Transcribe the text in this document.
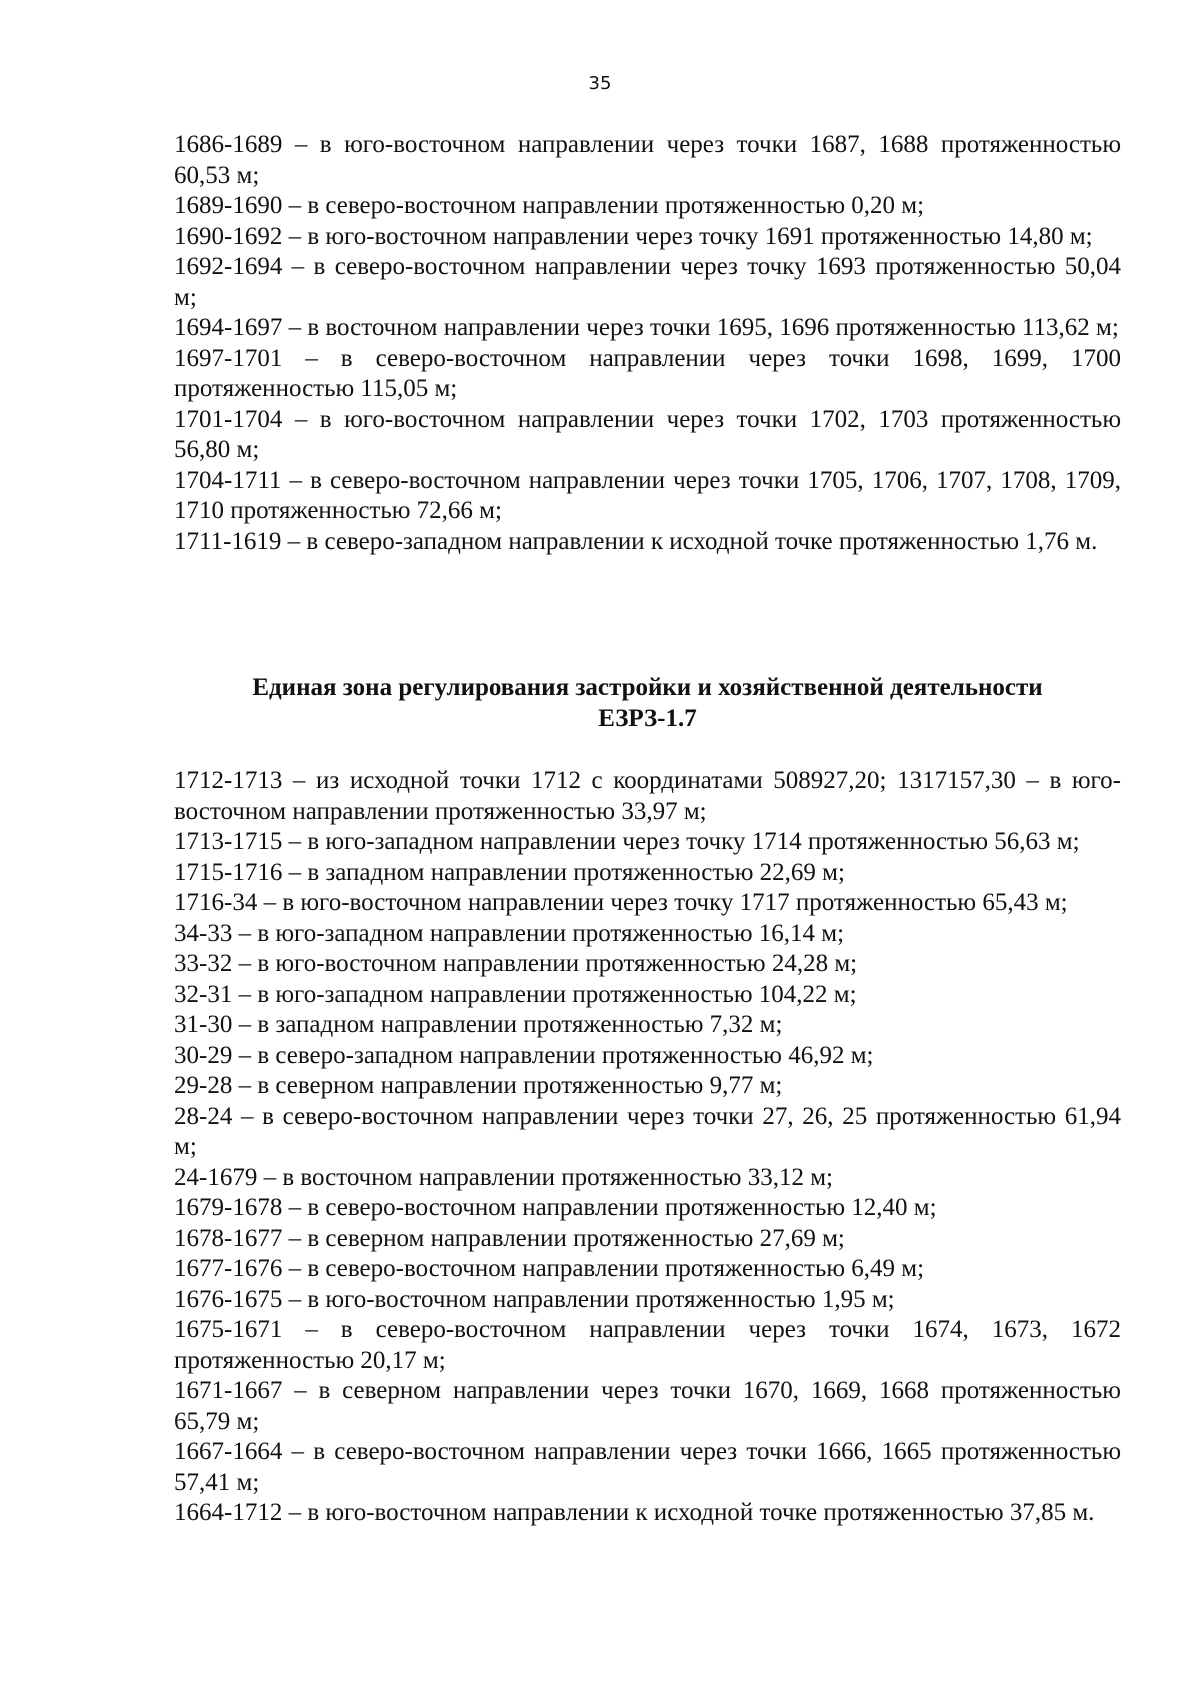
35

1686-1689 – в юго-восточном направлении через точки 1687, 1688 протяженностью 60,53 м;

1689-1690 – в северо-восточном направлении протяженностью 0,20 м;

1690-1692 – в юго-восточном направлении через точку 1691 протяженностью 14,80 м;

1692-1694 – в северо-восточном направлении через точку 1693 протяженностью 50,04 м;

1694-1697 – в восточном направлении через точки 1695, 1696 протяженностью 113,62 м;

1697-1701 – в северо-восточном направлении через точки 1698, 1699, 1700 протяженностью 115,05 м;

1701-1704 – в юго-восточном направлении через точки 1702, 1703 протяженностью 56,80 м;

1704-1711 – в северо-восточном направлении через точки 1705, 1706, 1707, 1708, 1709, 1710 протяженностью 72,66 м;

1711-1619 – в северо-западном направлении к исходной точке протяженностью 1,76 м.

Единая зона регулирования застройки и хозяйственной деятельности
ЕЗРЗ-1.7

1712-1713 – из исходной точки 1712 с координатами 508927,20; 1317157,30 – в юго-восточном направлении протяженностью 33,97 м;

1713-1715 – в юго-западном направлении через точку 1714 протяженностью 56,63 м;

1715-1716 – в западном направлении протяженностью 22,69 м;

1716-34 – в юго-восточном направлении через точку 1717 протяженностью 65,43 м;

34-33 – в юго-западном направлении протяженностью 16,14 м;

33-32 – в юго-восточном направлении протяженностью 24,28 м;

32-31 – в юго-западном направлении протяженностью 104,22 м;

31-30 – в западном направлении протяженностью 7,32 м;

30-29 – в северо-западном направлении протяженностью 46,92 м;

29-28 – в северном направлении протяженностью 9,77 м;

28-24 – в северо-восточном направлении через точки 27, 26, 25 протяженностью 61,94 м;

24-1679 – в восточном направлении протяженностью 33,12 м;

1679-1678 – в северо-восточном направлении протяженностью 12,40 м;

1678-1677 – в северном направлении протяженностью 27,69 м;

1677-1676 – в северо-восточном направлении протяженностью 6,49 м;

1676-1675 – в юго-восточном направлении протяженностью 1,95 м;

1675-1671 – в северо-восточном направлении через точки 1674, 1673, 1672 протяженностью 20,17 м;

1671-1667 – в северном направлении через точки 1670, 1669, 1668 протяженностью 65,79 м;

1667-1664 – в северо-восточном направлении через точки 1666, 1665 протяженностью 57,41 м;

1664-1712 – в юго-восточном направлении к исходной точке протяженностью 37,85 м.
